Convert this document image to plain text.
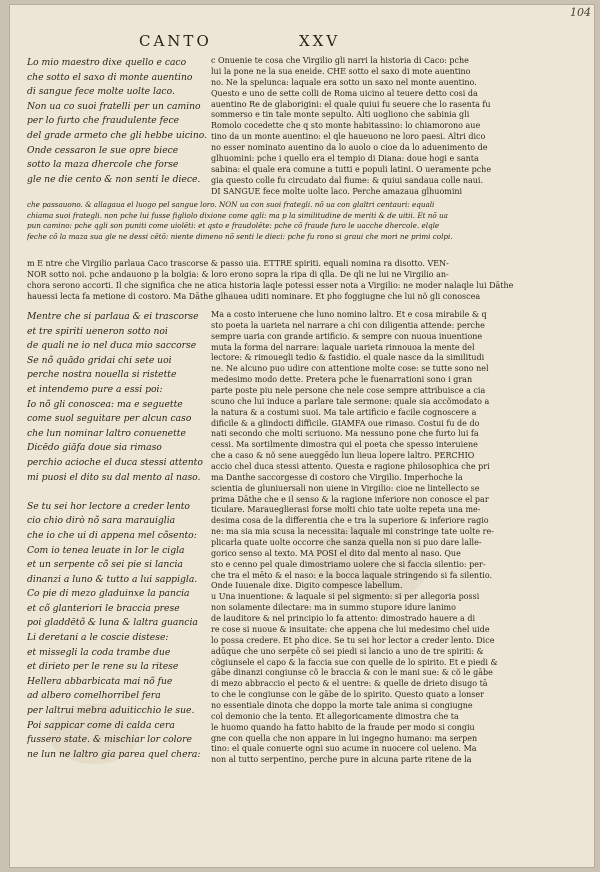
104
CANTO	XXV
Lo mio maestro dixe quello e caco
che sotto el saxo di monte auentino
di sangue fece molte uolte laco.
Non ua co suoi fratelli per un camino
per lo furto che fraudulente fece
del grade armeto che gli hebbe uicino.
Onde cessaron le sue opre biece
sotto la maza dhercole che forse
gle ne die cento & non senti le diece.
c Onuenie te cosa che Virgilio gli narri la historia di Caco: pche
lui la pone ne la sua eneide. CHE sotto el saxo di mote auentino
no. Ne la spelunca: laquale era sotto un saxo nel monte auentino.
Questo e uno de sette colli de Roma uicino al teuere detto cosi da
auentino Re de glaborigini: el quale quiui fu seuere che lo rasenta fu
sommerso e tin tale monte sepulto. Alti uogliono che sabinia gli
Romolo cocedette che q sto monte habitassino: lo chiamorono aue
tino da un monte auentino: el qle haueuono ne loro paesi. Altri dico
no esser nominato auentino da lo auolo o cioe da lo aduenimento de
glhuomini: pche i quello era el tempio di Diana: doue hogi e santa
sabina: el quale era comune a tutti e populi latini. O ueramente pche
gia questo colle fu circudato dal fiume: & quiui sandaua colle naui.
DI SANGUE fece molte uolte laco. Perche amazaua glhuomini
che passauono. & allagaua el luogo pel sangue loro. NON ua con suoi frategli. nõ ua con glaltri centauri: equali
chiama suoi frategli. non pche lui fusse figliolo dixione come qgli: ma p la similitudine de meriti & de uitii. Et nõ ua
pun camino: pche qgli son puniti come uiolēti: et qsto e fraudolēte: pche cõ fraude furo le uacche dhercole. elqle
feche cõ la maza sua gle ne dessi cētõ: niente dimeno nõ senti le dieci: pche fu rono si graui che mori ne primi colpi.
m E ntre che Virgilio parlaua Caco trascorse & passo uia. ETTRE spiriti. equali nomina ra disotto. VEN-
NOR sotto noi. pche andauono p la bolgia: & loro erono sopra la ripa di qlla. De qli ne lui ne Virgilio an-
chora serono accorti. Il che significa che ne atica historia laqle potessi esser nota a Virgilio: ne moder nalaqle lui Dāthe
hauessi lecta fa metione di costoro. Ma Dāthe glhauea uditi nominare. Et pho foggiugne che lui nõ gli conoscea
Mentre che si parlaua & ei trascorse
et tre spiriti ueneron sotto noi
de quali ne io nel duca mio saccorse
Se nõ quādo gridai chi sete uoi
perche nostra nouella si ristette
et intendemo pure a essi poi:
Io nõ gli conoscea: ma e seguette
come suol seguitare per alcun caso
che lun nominar laltro conuenette
Dicēdo giāfa doue sia rimaso
perchio acioche el duca stessi attento
mi puosi el dito su dal mento al naso.
Se tu sei hor lectore a creder lento
cio chio dirò nõ sara marauiglia
che io che ui di appena mel cõsento:
Com io tenea leuate in lor le cigla
et un serpente cõ sei pie si lancia
dinanzi a luno & tutto a lui sappigla.
Co pie di mezo gladuinxe la pancia
et cõ glanteriori le braccia prese
poi gladdētõ & luna & laltra guancia
Li deretani a le coscie distese:
et missegli la coda trambe due
et dirieto per le rene su la ritese
Hellera abbarbicata mai nõ fue
ad albero comelhorribel fera
per laltrui mebra aduiticchio le sue.
Poi sappicar come di calda cera
fussero state. & mischiar lor colore
ne lun ne laltro gia parea quel chera:
Ma a costo interuene che luno nomino laltro. Et e cosa mirabile & q
sto poeta la uarieta nel narrare a chi con diligentia attende: perche
sempre uaria con grande artificio. & sempre con nuoua inuentione
muta la forma del narrare: laquale uarieta rinnouoa la mente del
lectore: & rimouegli tedio & fastidio. el quale nasce da la similitudi
ne. Ne alcuno puo udire con attentione molte cose: se tutte sono nel
medesimo modo dette. Pretera pche le fuenarrationi sono i gran
parte poste piu nele persone che nele cose sempre attribuisce a cia
scuno che lui induce a parlare tale sermone: quale sia accõmodato a
la natura & a costumi suoi. Ma tale artificio e facile cognoscere a
dificile & a glindocti difficile. GIAMFA oue rimaso. Costui fu de do
nati secondo che molti scriuono. Ma nessuno pone che furto lui fa
cessi. Ma sortilmente dimostra qui el poeta che spesso interuiene
che a caso & nõ sene aueggēdo lun lieua lopere laltro. PERCHIO
accio chel duca stessi attento. Questa e ragione philosophica che pri
ma Danthe saccorgesse di costoro che Virgilio. Imperhoche la
scientia de gluniuersali non uiene in Virgilio: cioe ne lintellecto se
prima Dāthe che e il senso & la ragione inferiore non conosce el par
ticulare. Maraueglierasi forse molti chio tate uolte repeta una me-
desima cosa de la differentia che e tra la superiore & inferiore ragio
ne: ma sia mia scusa la necessita: laquale mi constringe tate uolte re-
plicarla quate uolte occorre che sanza quella non si puo dare lalle-
gorico senso al texto. MA POSI el dito dal mento al naso. Que
sto e cenno pel quale dimostriamo uolere che si faccia silentio: per-
che tra el mēto & el naso: e la bocca laquale stringendo si fa silentio.
Onde Iuuenale dixe. Digito compesce labellum.
u Una inuentione: & laquale si pel sigmento: si per allegoria possi
non solamente dilectare: ma in summo stupore idure lanimo
de lauditore & nel principio lo fa attento: dimostrado hauere a di
re cose si nuoue & insuitate: che appena che lui medesimo chel uide
lo possa credere. Et pho dice. Se tu sei hor lector a creder lento. Dice
adūque che uno serpēte cõ sei piedi si lancio a uno de tre spiriti: &
cõgiunsele el capo & la faccia sue con quelle de lo spirito. Et e piedi &
gābe dinanzi congiunse cõ le braccia & con le mani sue: & cõ le gābe
di mezo abbraccio el pecto & el uentre: & quelle de drieto disugo tā
to che le congiunse con le gābe de lo spirito. Questo quato a lonser
no essentiale dinota che doppo la morte tale anima si congiugne
col demonio che la tento. Et allegoricamente dimostra che ta
le huomo quando ha fatto habito de la fraude per modo si congiu
gne con quella che non appare in lui ingegno humano: ma serpen
tino: el quale conuerte ogni suo acume in nuocere col ueleno. Ma
non al tutto serpentino, perche pure in alcuna parte ritene de la
